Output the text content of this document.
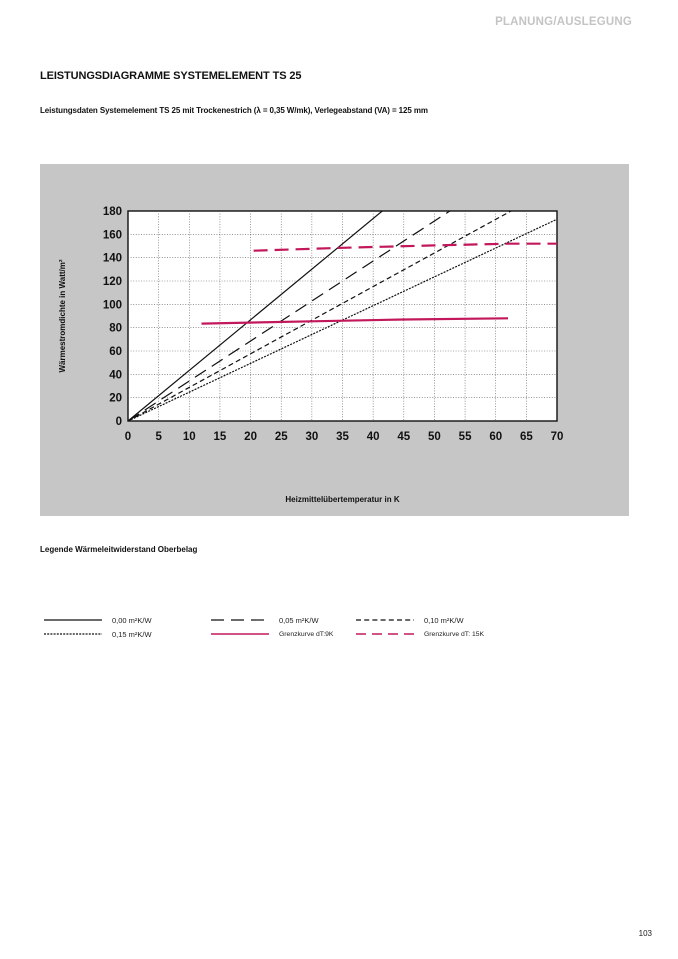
PLANUNG/AUSLEGUNG
LEISTUNGSDIAGRAMME SYSTEMELEMENT TS 25
Leistungsdaten Systemelement TS 25 mit Trockenestrich (λ = 0,35 W/mk), Verlegeabstand (VA) = 125 mm
0 5 10 15 20 25 30 35 40 45 50 55 60 65 70
0
20
40
60
80
100
120
140
160
180
Heizmittelübertemperatur in K
Wärmestromdichte in Watt/m²
Legende Wärmeleitwiderstand Oberbelag
0,00 m²K/W
0,15 m²K/W
0,05 m²K/W
Grenzkurve dT:9K
0,10 m²K/W
Grenzkurve dT: 15K
103
